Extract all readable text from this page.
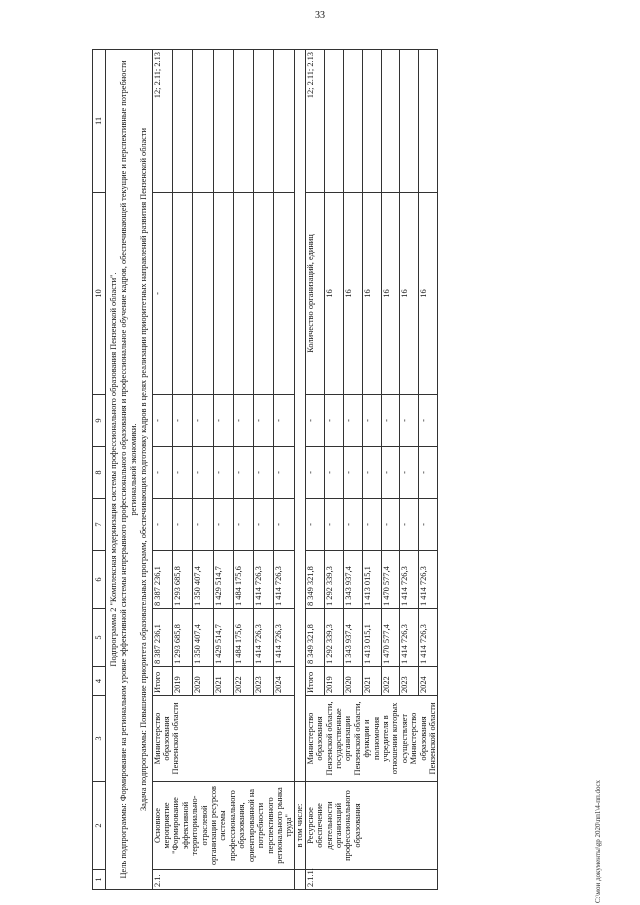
33
1	2	3	4	5	6	7	8	9	10	11

Подпрограмма 2 "Комплексная модернизация системы профессионального образования Пензенской области". Цель подпрограммы: Формирование на региональном уровне эффективной системы непрерывного профессионального образования и профессиональное обучение кадров, обеспечивающей текущие и перспективные потребности региональной экономики. Задача подпрограммы: Повышение приоритета образовательных программ, обеспечивающих подготовку кадров в целях реализации приоритетных направлений развития Пензенской области										

2.1.	Основное мероприятие "Формирование эффективной территориально-отраслевой организации ресурсов системы профессионального образования, ориентированной на потребности перспективного регионального рынка труда"	Министерство образования Пензенской области	Итого	8 387 236,1	8 387 236,1	-	-	-	-	12; 2.11; 2.13
			2019	1 293 685,8	1 293 685,8	-	-	-		
			2020	1 350 407,4	1 350 407,4	-	-	-		
			2021	1 429 514,7	1 429 514,7	-	-	-		
			2022	1 484 175,6	1 484 175,6	-	-	-		
			2023	1 414 726,3	1 414 726,3	-	-	-		
			2024	1 414 726,3	1 414 726,3	-	-	-		
	в том числе:									
2.1.1.	Ресурсное обеспечение деятельности организаций профессионального образования	Министерство образования Пензенской области, государственные организации Пензенской области, функции и полномочия учредителя в отношении которых осуществляет Министерство образования Пензенской области	Итого	8 349 321,8	8 349 321,8	-	-	-	Количество организаций, единиц	12; 2.11; 2.13
			2019	1 292 339,3	1 292 339,3	-	-	-	16	
			2020	1 343 937,4	1 343 937,4	-	-	-	16	
			2021	1 413 015,1	1 413 015,1	-	-	-	16	
			2022	1 470 577,4	1 470 577,4	-	-	-	16	
			2023	1 414 726,3	1 414 726,3	-	-	-	16	
			2024	1 414 726,3	1 414 726,3	-	-	-	16	
С:\мои документы\gp 2020\пп1\4-пп.docx
